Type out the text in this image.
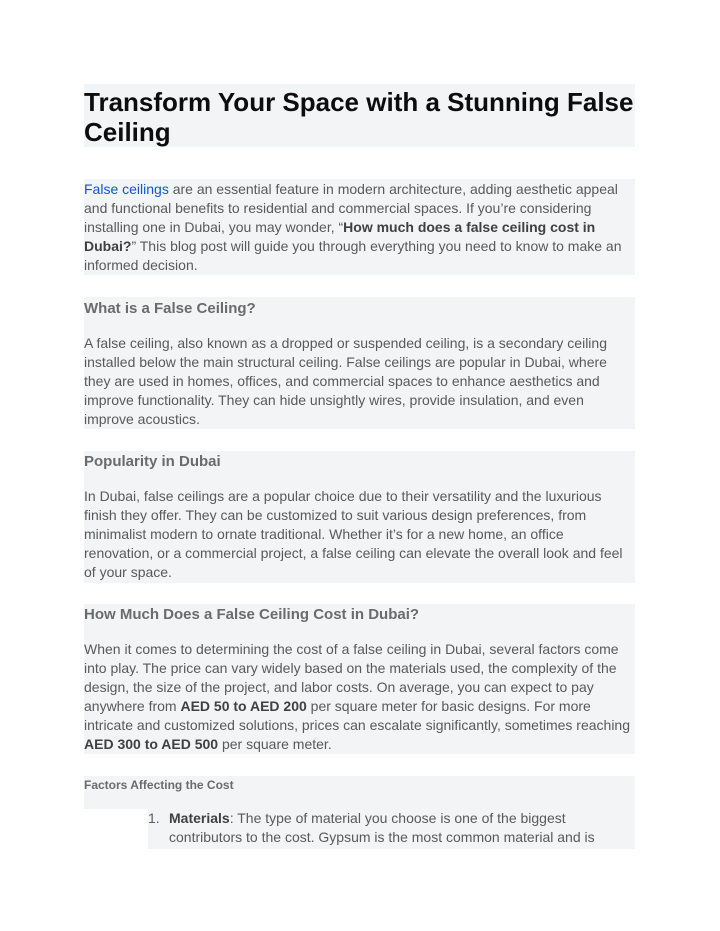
Transform Your Space with a Stunning False Ceiling

False ceilings are an essential feature in modern architecture, adding aesthetic appeal and functional benefits to residential and commercial spaces. If you’re considering installing one in Dubai, you may wonder, “How much does a false ceiling cost in Dubai?” This blog post will guide you through everything you need to know to make an informed decision.

What is a False Ceiling?

A false ceiling, also known as a dropped or suspended ceiling, is a secondary ceiling installed below the main structural ceiling. False ceilings are popular in Dubai, where they are used in homes, offices, and commercial spaces to enhance aesthetics and improve functionality. They can hide unsightly wires, provide insulation, and even improve acoustics.

Popularity in Dubai

In Dubai, false ceilings are a popular choice due to their versatility and the luxurious finish they offer. They can be customized to suit various design preferences, from minimalist modern to ornate traditional. Whether it’s for a new home, an office renovation, or a commercial project, a false ceiling can elevate the overall look and feel of your space.

How Much Does a False Ceiling Cost in Dubai?

When it comes to determining the cost of a false ceiling in Dubai, several factors come into play. The price can vary widely based on the materials used, the complexity of the design, the size of the project, and labor costs. On average, you can expect to pay anywhere from AED 50 to AED 200 per square meter for basic designs. For more intricate and customized solutions, prices can escalate significantly, sometimes reaching AED 300 to AED 500 per square meter.

Factors Affecting the Cost
1. Materials: The type of material you choose is one of the biggest contributors to the cost. Gypsum is the most common material and is
